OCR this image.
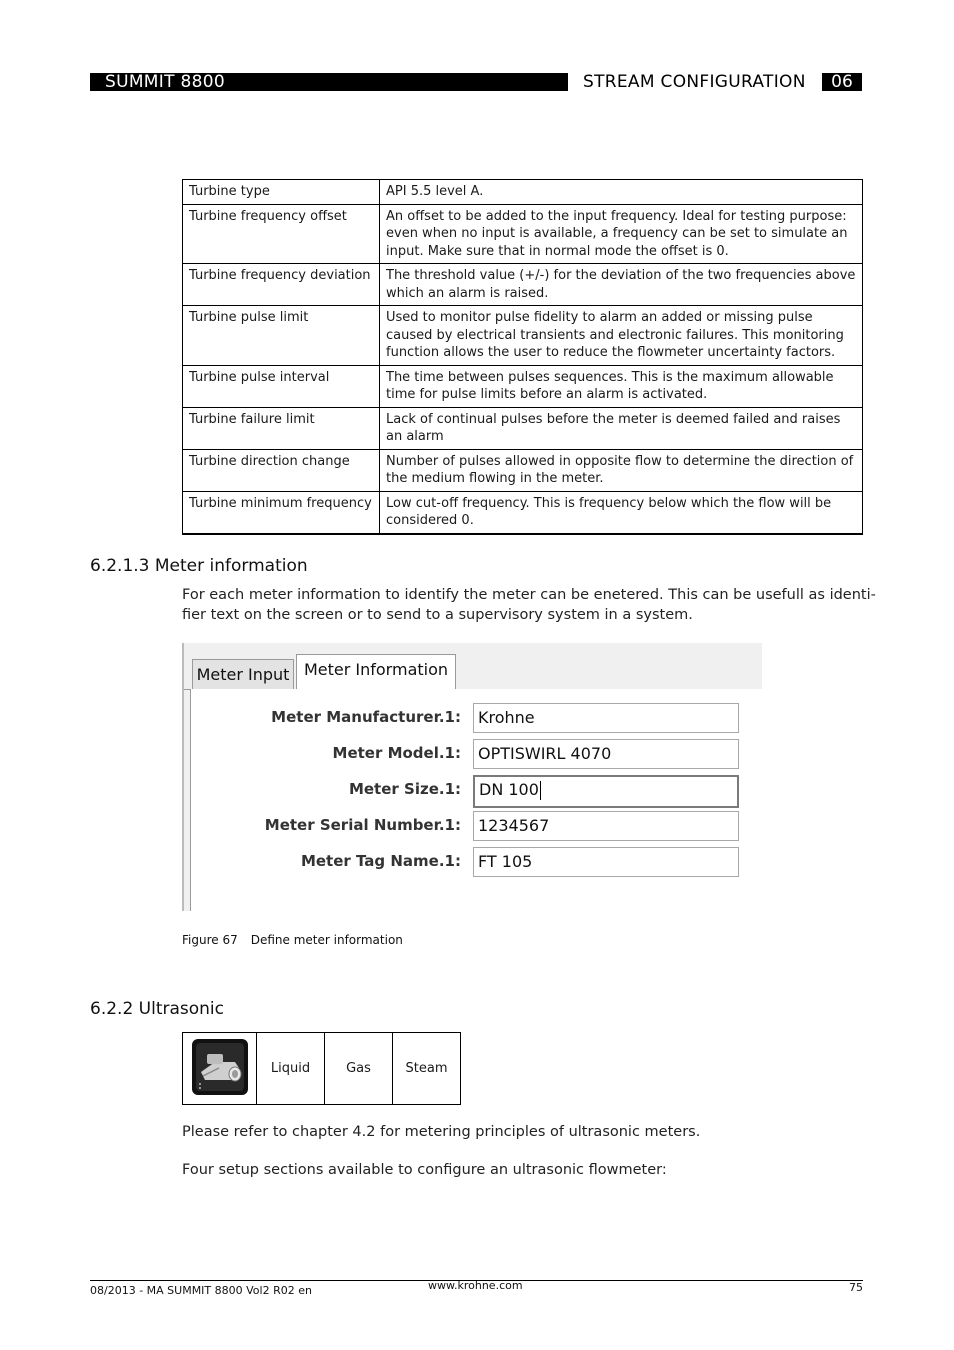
SUMMIT 8800	STREAM CONFIGURATION	06
Turbine type	API 5.5 level A.
Turbine frequency offset	An offset to be added to the input frequency. Ideal for testing purpose: even when no input is available, a frequency can be set to simulate an input. Make sure that in normal mode the offset is 0.
Turbine frequency deviation	The threshold value (+/-) for the deviation of the two frequencies above which an alarm is raised.
Turbine pulse limit	Used to monitor pulse fidelity to alarm an added or missing pulse caused by electrical transients and electronic failures. This monitoring function allows the user to reduce the flowmeter uncertainty factors.
Turbine pulse interval	The time between pulses sequences. This is the maximum allowable time for pulse limits before an alarm is activated.
Turbine failure limit	Lack of continual pulses before the meter is deemed failed and raises an alarm
Turbine direction change	Number of pulses allowed in opposite flow to determine the direction of the medium flowing in the meter.
Turbine minimum frequency	Low cut-off frequency. This is frequency below which the flow will be considered 0.
6.2.1.3 Meter information
For each meter information to identify the meter can be enetered. This can be usefull as identi-
fier text on the screen or to send to a supervisory system in a system.
Meter Input Meter Information
Meter Manufacturer.1:	Krohne
Meter Model.1:	OPTISWIRL 4070
Meter Size.1:	DN 100
Meter Serial Number.1:	1234567
Meter Tag Name.1:	FT 105
Figure 67 Define meter information
6.2.2 Ultrasonic
	Liquid	Gas	Steam
Please refer to chapter 4.2 for metering principles of ultrasonic meters.
Four setup sections available to configure an ultrasonic flowmeter:
08/2013 - MA SUMMIT 8800 Vol2 R02 en	www.krohne.com	75
